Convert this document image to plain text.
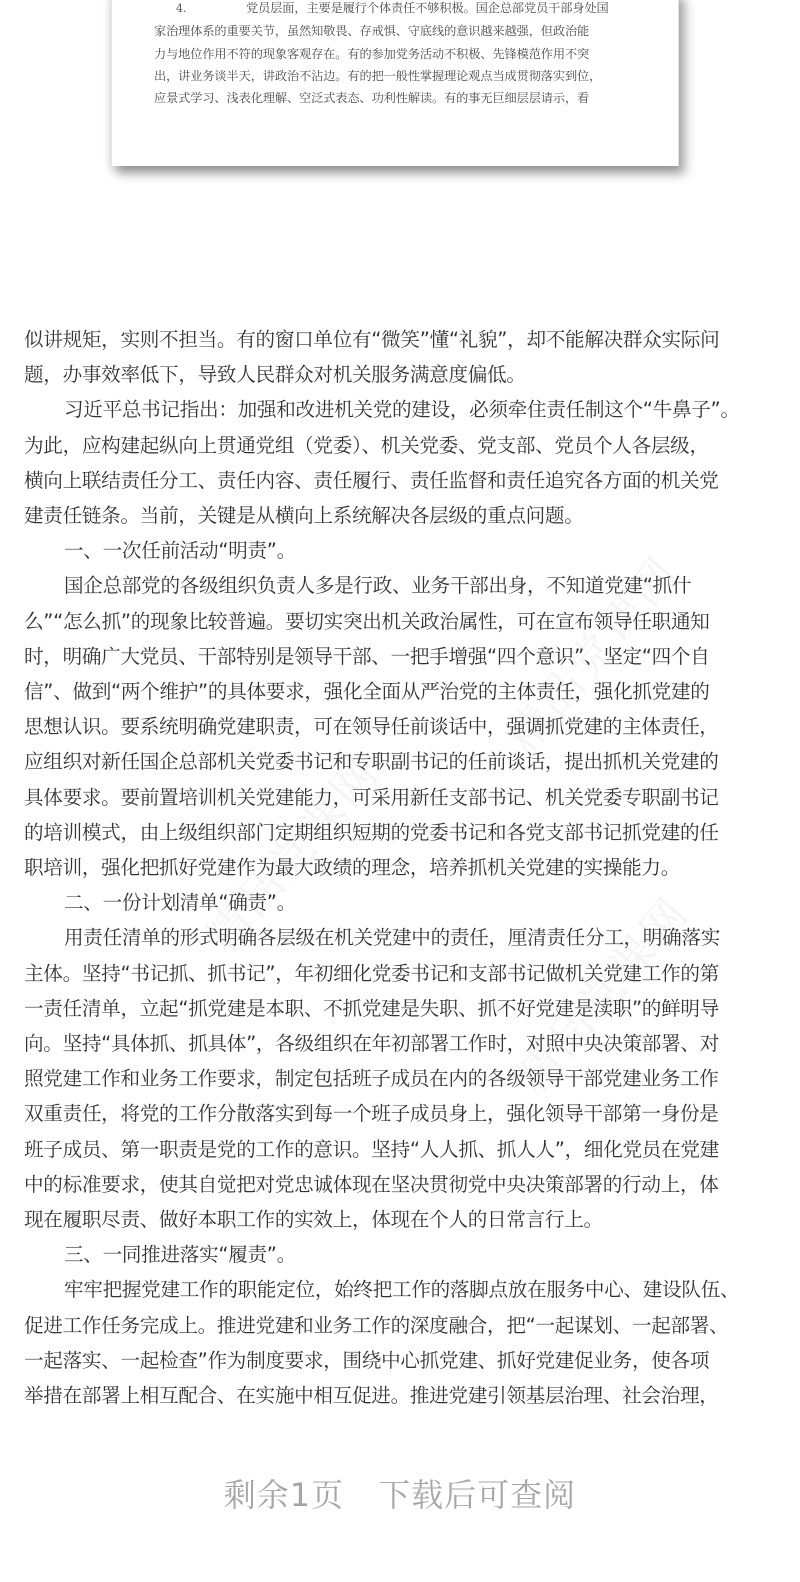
4.	党员层面，主要是履行个体责任不够积极。国企总部党员干部身处国

家治理体系的重要关节，虽然知敬畏、存戒惧、守底线的意识越来越强，但政治能

力与地位作用不符的现象客观存在。有的参加党务活动不积极、先锋模范作用不突

出，讲业务谈半天，讲政治不沾边。有的把一般性掌握理论观点当成贯彻落实到位，

应景式学习、浅表化理解、空泛式表态、功利性解读。有的事无巨细层层请示，看

似讲规矩，实则不担当。有的窗口单位有“微笑”懂“礼貌”，却不能解决群众实际问

题，办事效率低下，导致人民群众对机关服务满意度偏低。

习近平总书记指出：加强和改进机关党的建设，必须牵住责任制这个“牛鼻子”。

为此，应构建起纵向上贯通党组（党委）、机关党委、党支部、党员个人各层级，

横向上联结责任分工、责任内容、责任履行、责任监督和责任追究各方面的机关党

建责任链条。当前，关键是从横向上系统解决各层级的重点问题。

一、一次任前活动“明责”。

国企总部党的各级组织负责人多是行政、业务干部出身，不知道党建“抓什

么”“怎么抓”的现象比较普遍。要切实突出机关政治属性，可在宣布领导任职通知

时，明确广大党员、干部特别是领导干部、一把手增强“四个意识”、坚定“四个自

信”、做到“两个维护”的具体要求，强化全面从严治党的主体责任，强化抓党建的

思想认识。要系统明确党建职责，可在领导任前谈话中，强调抓党建的主体责任，

应组织对新任国企总部机关党委书记和专职副书记的任前谈话，提出抓机关党建的

具体要求。要前置培训机关党建能力，可采用新任支部书记、机关党委专职副书记

的培训模式，由上级组织部门定期组织短期的党委书记和各党支部书记抓党建的任

职培训，强化把抓好党建作为最大政绩的理念，培养抓机关党建的实操能力。

二、一份计划清单“确责”。

用责任清单的形式明确各层级在机关党建中的责任，厘清责任分工，明确落实

主体。坚持“书记抓、抓书记”，年初细化党委书记和支部书记做机关党建工作的第

一责任清单，立起“抓党建是本职、不抓党建是失职、抓不好党建是渎职”的鲜明导

向。坚持“具体抓、抓具体”，各级组织在年初部署工作时，对照中央决策部署、对

照党建工作和业务工作要求，制定包括班子成员在内的各级领导干部党建业务工作

双重责任，将党的工作分散落实到每一个班子成员身上，强化领导干部第一身份是

班子成员、第一职责是党的工作的意识。坚持“人人抓、抓人人”，细化党员在党建

中的标准要求，使其自觉把对党忠诚体现在坚决贯彻党中央决策部署的行动上，体

现在履职尽责、做好本职工作的实效上，体现在个人的日常言行上。

三、一同推进落实“履责”。

牢牢把握党建工作的职能定位，始终把工作的落脚点放在服务中心、建设队伍、

促进工作任务完成上。推进党建和业务工作的深度融合，把“一起谋划、一起部署、

一起落实、一起检查”作为制度要求，围绕中心抓党建、抓好党建促业务，使各项

举措在部署上相互配合、在实施中相互促进。推进党建引领基层治理、社会治理，

剩余1页 下载后可查阅
